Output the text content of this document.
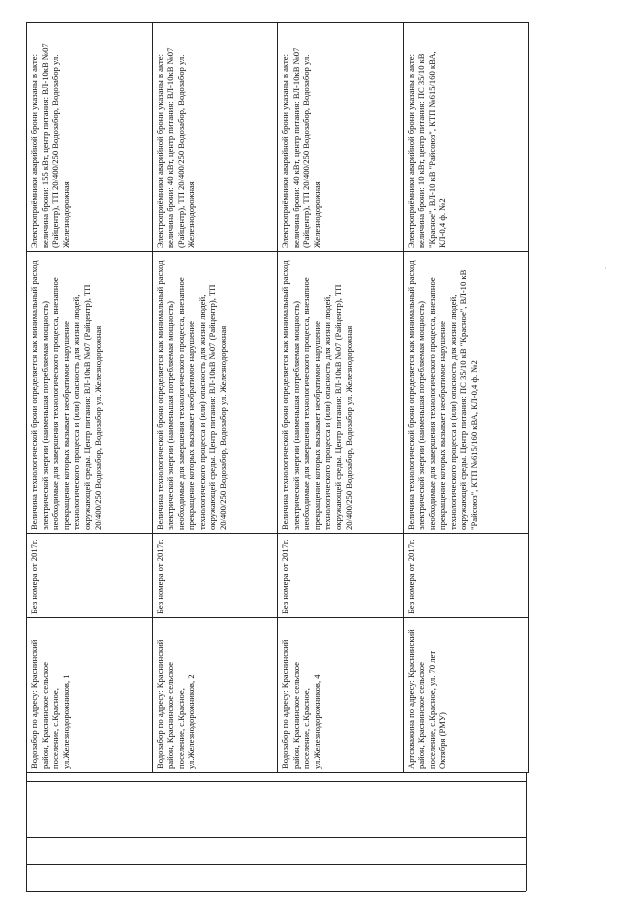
Водозабор по адресу: Краснинский район, Краснинское сельское поселение, с.Красное, ул.Железнодорожников, 1	Без номера от 2017г.	Величина технологической брони определяется как минимальный расход электрической энергии (наименьшая потребляемая мощность) необходимые для завершения технологического процесса, внезапное прекращение которых вызывает необратимое нарушение технологического процесса и (или) опасность для жизни людей, окружающей среды. Центр питания: ВЛ-10кВ №07 (Райцентр), ТП 20/400/250 Водозабор, Водозабор ул. Железнодорожная	Электроприёмники аварийной брони указаны в акте: величина брони: 155 кВт, центр питания: ВЛ-10кВ №07 (Райцентр), ТП 20/400/250 Водозабор, Водозабор ул. Железнодорожная
Водозабор по адресу: Краснинский район, Краснинское сельское поселение, с.Красное, ул.Железнодорожников, 2	Без номера от 2017г.	Величина технологической брони определяется как минимальный расход электрической энергии (наименьшая потребляемая мощность) необходимые для завершения технологического процесса, внезапное прекращение которых вызывает необратимое нарушение технологического процесса и (или) опасность для жизни людей, окружающей среды. Центр питания: ВЛ-10кВ №07 (Райцентр), ТП 20/400/250 Водозабор, Водозабор ул. Железнодорожная	Электроприёмники аварийной брони указаны в акте: величина брони: 40 кВт, центр питания: ВЛ-10кВ №07 (Райцентр), ТП 20/400/250 Водозабор, Водозабор ул. Железнодорожная
Водозабор по адресу: Краснинский район, Краснинское сельское поселение, с.Красное, ул.Железнодорожников, 4	Без номера от 2017г.	Величина технологической брони определяется как минимальный расход электрической энергии (наименьшая потребляемая мощность) необходимые для завершения технологического процесса, внезапное прекращение которых вызывает необратимое нарушение технологического процесса и (или) опасность для жизни людей, окружающей среды. Центр питания: ВЛ-10кВ №07 (Райцентр), ТП 20/400/250 Водозабор, Водозабор ул. Железнодорожная	Электроприёмники аварийной брони указаны в акте: величина брони: 40 кВт, центр питания: ВЛ-10кВ №07 (Райцентр), ТП 20/400/250 Водозабор, Водозабор ул. Железнодорожная
Артскважина по адресу: Краснинский район, Краснинское сельское поселение, с.Красное, ул. 70 лет Октября (РМУ)	Без номера от 2017г.	Величина технологической брони определяется как минимальный расход электрической энергии (наименьшая потребляемая мощность) необходимые для завершения технологического процесса, внезапное прекращение которых вызывает необратимое нарушение технологического процесса и (или) опасность для жизни людей, окружающей среды. Центр питания: ПС 35/10 кВ "Красное", ВЛ-10 кВ "Райсоюз", КТП №615/160 кВА, КЛ-0,4 ф. №2	Электроприёмники аварийной брони указаны в акте: величина брони: 10 кВт, центр питания: ПС 35/10 кВ "Красное", ВЛ-10 кВ "Райсоюз", КТП №615/160 кВА, КЛ-0,4 ф. №2
·
